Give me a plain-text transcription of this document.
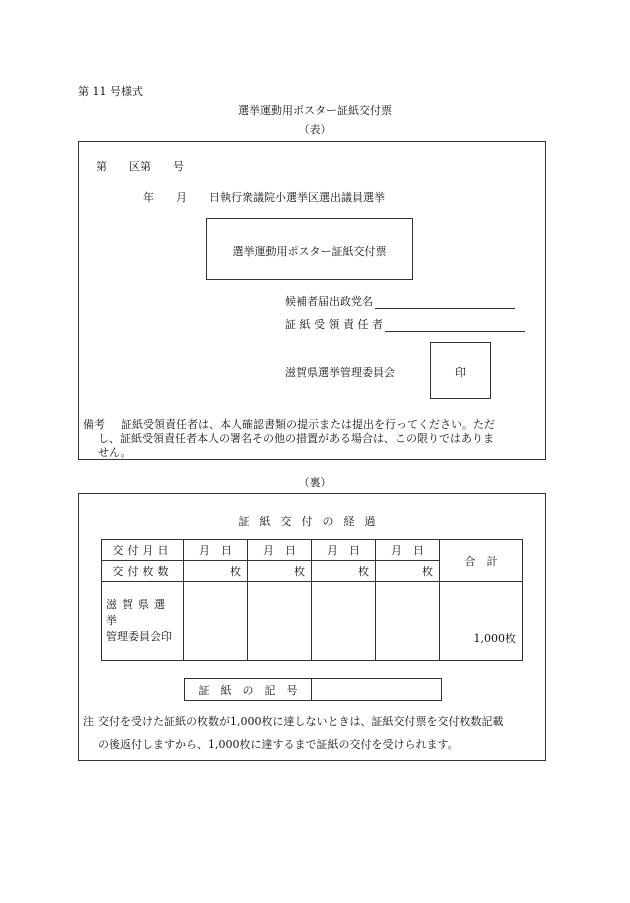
第 11 号様式
選挙運動用ポスター証紙交付票
（表）
第　　区第　　号
年　　月　　日執行衆議院小選挙区選出議員選挙
選挙運動用ポスター証紙交付票
候補者届出政党名
証 紙 受 領 責 任 者
滋賀県選挙管理委員会	印
備考 証紙受領責任者は、本人確認書類の提示または提出を行ってください。ただ
し、証紙受領責任者本人の署名その他の措置がある場合は、この限りではありま
せん。
（裏）
証紙交付の経過
交付月日	月　日	月　日	月　日	月　日	合　計
交付枚数	枚	枚	枚	枚	

滋賀県選挙
管理委員会印					1,000枚
証　紙　の　記　号	
注 交付を受けた証紙の枚数が1,000枚に達しないときは、証紙交付票を交付枚数記載
の後返付しますから、1,000枚に達するまで証紙の交付を受けられます。
